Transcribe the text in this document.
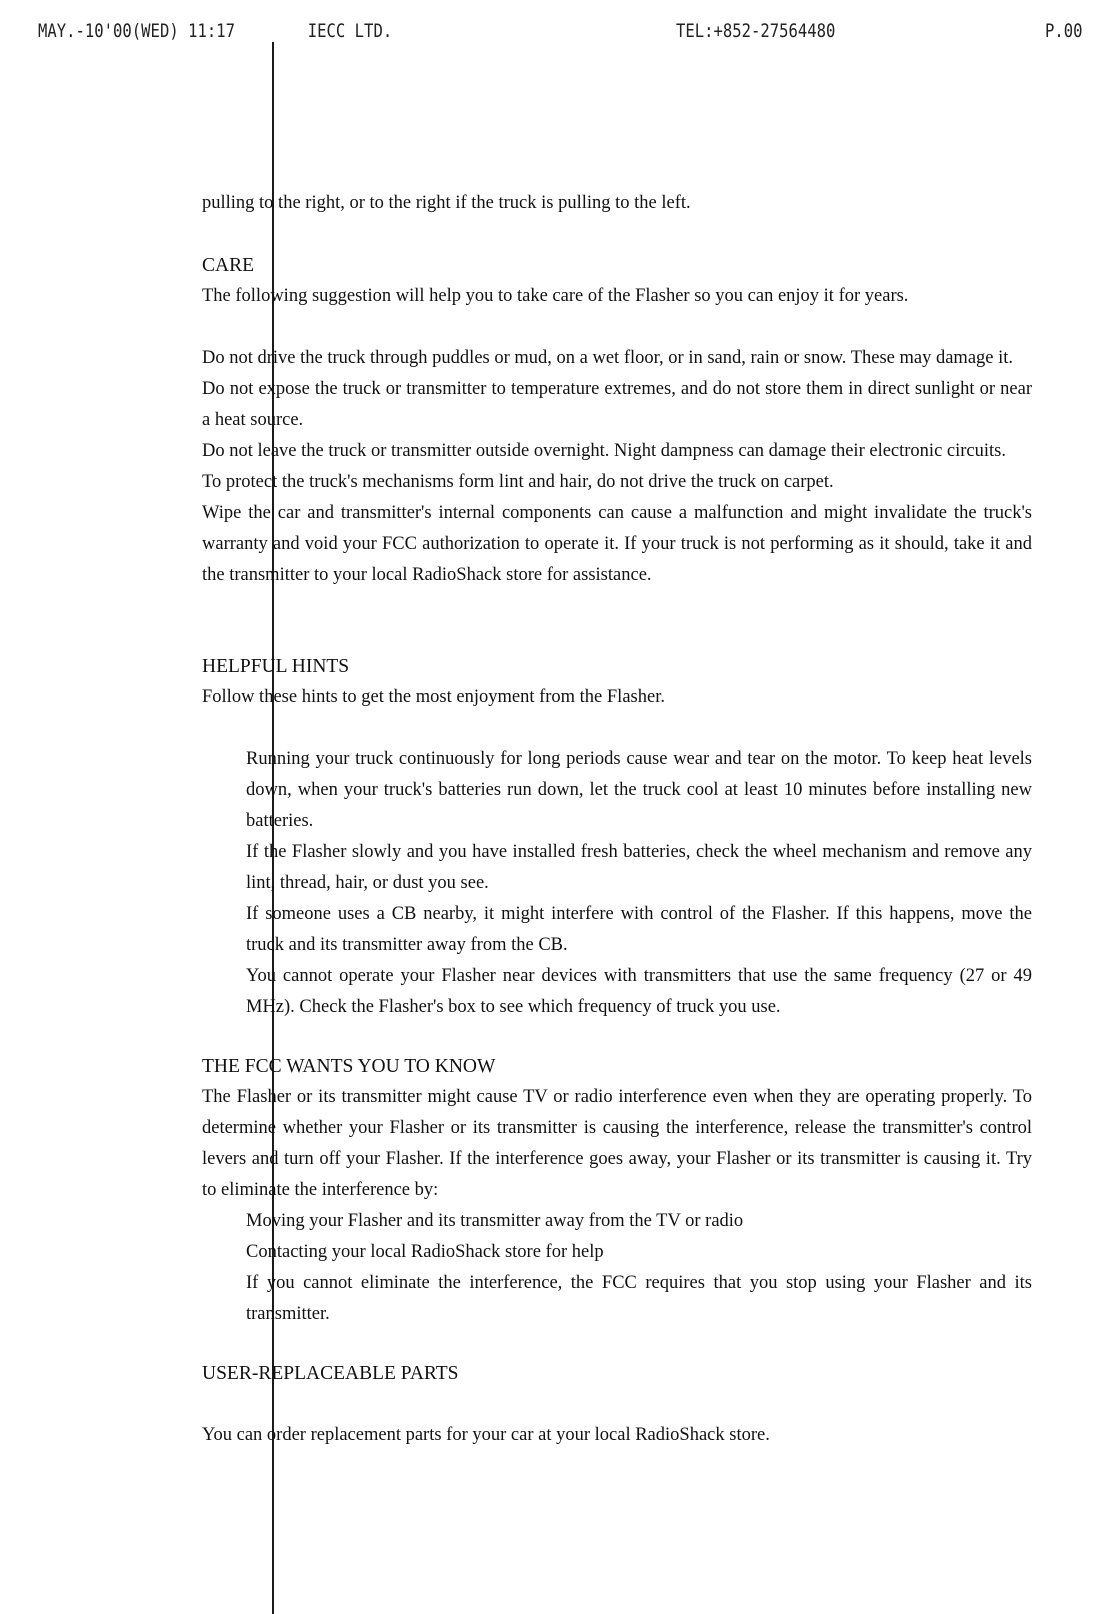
MAY.-10'00(WED) 11:17	IECC LTD.	TEL:+852-27564480	P.00

pulling to the right, or to the right if the truck is pulling to the left.

CARE

The following suggestion will help you to take care of the Flasher so you can enjoy it for years.

Do not drive the truck through puddles or mud, on a wet floor, or in sand, rain or snow. These may damage it.

Do not expose the truck or transmitter to temperature extremes, and do not store them in direct sunlight or near a heat source.

Do not leave the truck or transmitter outside overnight. Night dampness can damage their electronic circuits.

To protect the truck's mechanisms form lint and hair, do not drive the truck on carpet.

Wipe the car and transmitter's internal components can cause a malfunction and might invalidate the truck's warranty and void your FCC authorization to operate it. If your truck is not performing as it should, take it and the transmitter to your local RadioShack store for assistance.

HELPFUL HINTS

Follow these hints to get the most enjoyment from the Flasher.

Running your truck continuously for long periods cause wear and tear on the motor. To keep heat levels down, when your truck's batteries run down, let the truck cool at least 10 minutes before installing new batteries.

If the Flasher slowly and you have installed fresh batteries, check the wheel mechanism and remove any lint, thread, hair, or dust you see.

If someone uses a CB nearby, it might interfere with control of the Flasher. If this happens, move the truck and its transmitter away from the CB.

You cannot operate your Flasher near devices with transmitters that use the same frequency (27 or 49 MHz). Check the Flasher's box to see which frequency of truck you use.

THE FCC WANTS YOU TO KNOW

The Flasher or its transmitter might cause TV or radio interference even when they are operating properly. To determine whether your Flasher or its transmitter is causing the interference, release the transmitter's control levers and turn off your Flasher. If the interference goes away, your Flasher or its transmitter is causing it. Try to eliminate the interference by:

Moving your Flasher and its transmitter away from the TV or radio

Contacting your local RadioShack store for help

If you cannot eliminate the interference, the FCC requires that you stop using your Flasher and its transmitter.

USER-REPLACEABLE PARTS

You can order replacement parts for your car at your local RadioShack store.
